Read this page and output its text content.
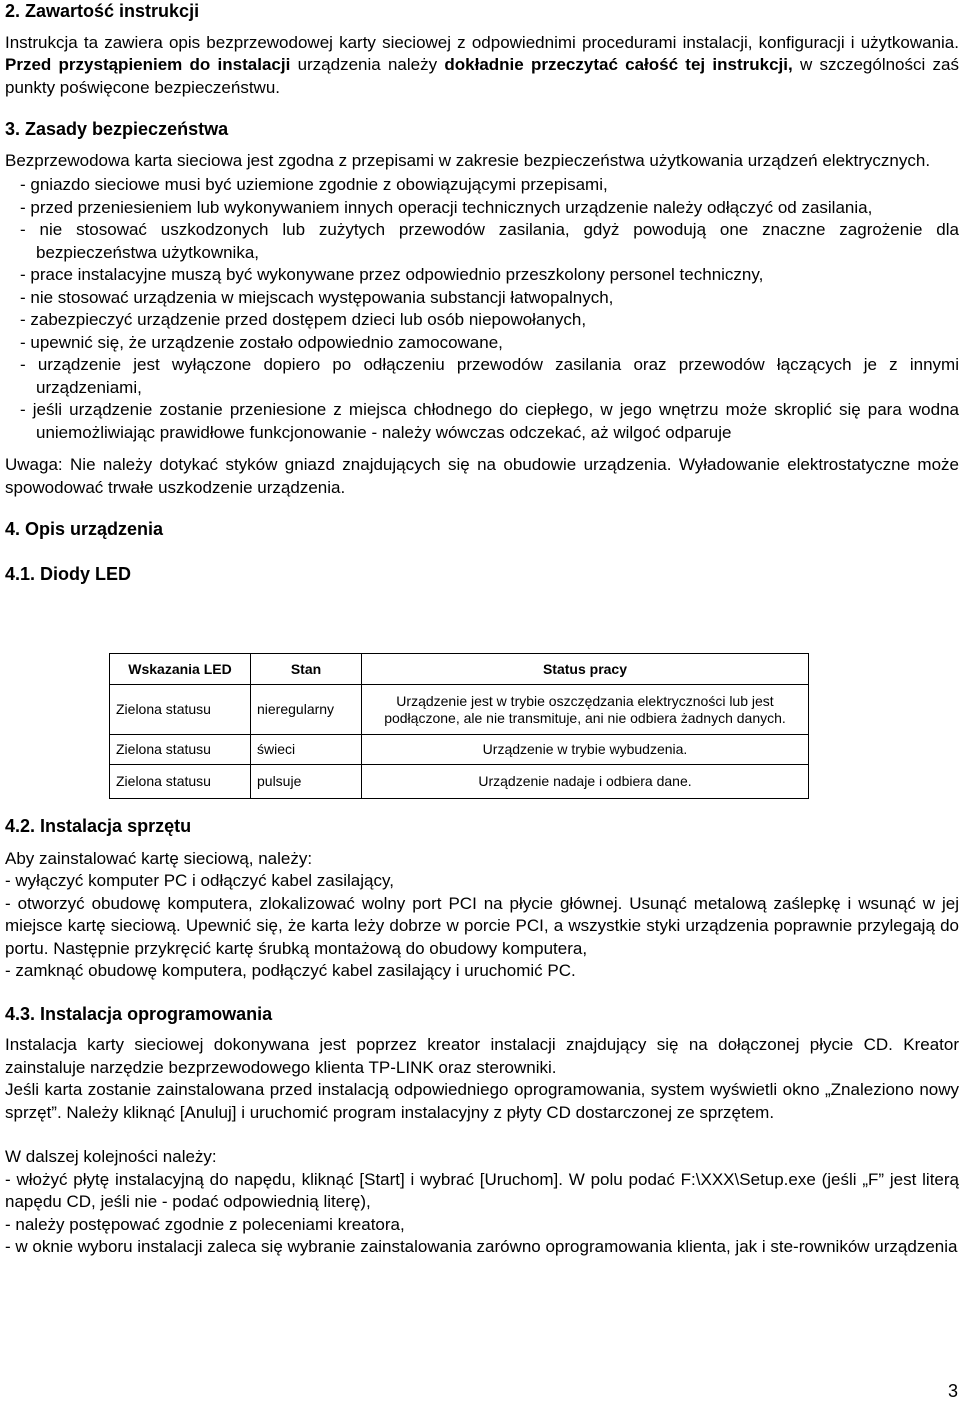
2. Zawartość instrukcji

Instrukcja ta zawiera opis bezprzewodowej karty sieciowej z odpowiednimi procedurami instalacji, konfiguracji i użytkowania. Przed przystąpieniem do instalacji urządzenia należy dokładnie przeczytać całość tej instrukcji, w szczególności zaś punkty poświęcone bezpieczeństwu.

3. Zasady bezpieczeństwa

Bezprzewodowa karta sieciowa jest zgodna z przepisami w zakresie bezpieczeństwa użytkowania urządzeń elektrycznych.

- gniazdo sieciowe musi być uziemione zgodnie z obowiązującymi przepisami,
- przed przeniesieniem lub wykonywaniem innych operacji technicznych urządzenie należy odłączyć od zasilania,
- nie stosować uszkodzonych lub zużytych przewodów zasilania, gdyż powodują one znaczne zagrożenie dla bezpieczeństwa użytkownika,
- prace instalacyjne muszą być wykonywane przez odpowiednio przeszkolony personel techniczny,
- nie stosować urządzenia w miejscach występowania substancji łatwopalnych,
- zabezpieczyć urządzenie przed dostępem dzieci lub osób niepowołanych,
- upewnić się, że urządzenie zostało odpowiednio zamocowane,
- urządzenie jest wyłączone dopiero po odłączeniu przewodów zasilania oraz przewodów łączących je z innymi urządzeniami,
- jeśli urządzenie zostanie przeniesione z miejsca chłodnego do ciepłego, w jego wnętrzu może skroplić się para wodna uniemożliwiając prawidłowe funkcjonowanie - należy wówczas odczekać, aż wilgoć odparuje

Uwaga: Nie należy dotykać styków gniazd znajdujących się na obudowie urządzenia. Wyładowanie elektrostatyczne może spowodować trwałe uszkodzenie urządzenia.

4. Opis urządzenia
4.1. Diody LED
Wskazania LED	Stan	Status pracy
Zielona statusu	nieregularny	Urządzenie jest w trybie oszczędzania elektryczności lub jest podłączone, ale nie transmituje, ani nie odbiera żadnych danych.
Zielona statusu	świeci	Urządzenie w trybie wybudzenia.
Zielona statusu	pulsuje	Urządzenie nadaje i odbiera dane.
4.2. Instalacja sprzętu

Aby zainstalować kartę sieciową, należy:

- wyłączyć komputer PC i odłączyć kabel zasilający,

- otworzyć obudowę komputera, zlokalizować wolny port PCI na płycie głównej. Usunąć metalową zaślepkę i wsunąć w jej miejsce kartę sieciową. Upewnić się, że karta leży dobrze w porcie PCI, a wszystkie styki urządzenia poprawnie przylegają do portu. Następnie przykręcić kartę śrubką montażową do obudowy komputera,

- zamknąć obudowę komputera, podłączyć kabel zasilający i uruchomić PC.

4.3. Instalacja oprogramowania

Instalacja karty sieciowej dokonywana jest poprzez kreator instalacji znajdujący się na dołączonej płycie CD. Kreator zainstaluje narzędzie bezprzewodowego klienta TP-LINK oraz sterowniki.

Jeśli karta zostanie zainstalowana przed instalacją odpowiedniego oprogramowania, system wyświetli okno „Znaleziono nowy sprzęt”. Należy kliknąć [Anuluj] i uruchomić program instalacyjny z płyty CD dostarczonej ze sprzętem.

W dalszej kolejności należy:

- włożyć płytę instalacyjną do napędu, kliknąć [Start] i wybrać [Uruchom]. W polu podać F:\XXX\Setup.exe (jeśli „F” jest literą napędu CD, jeśli nie - podać odpowiednią literę),

- należy postępować zgodnie z poleceniami kreatora,

- w oknie wyboru instalacji zaleca się wybranie zainstalowania zarówno oprogramowania klienta, jak i ste-rowników urządzenia

3
